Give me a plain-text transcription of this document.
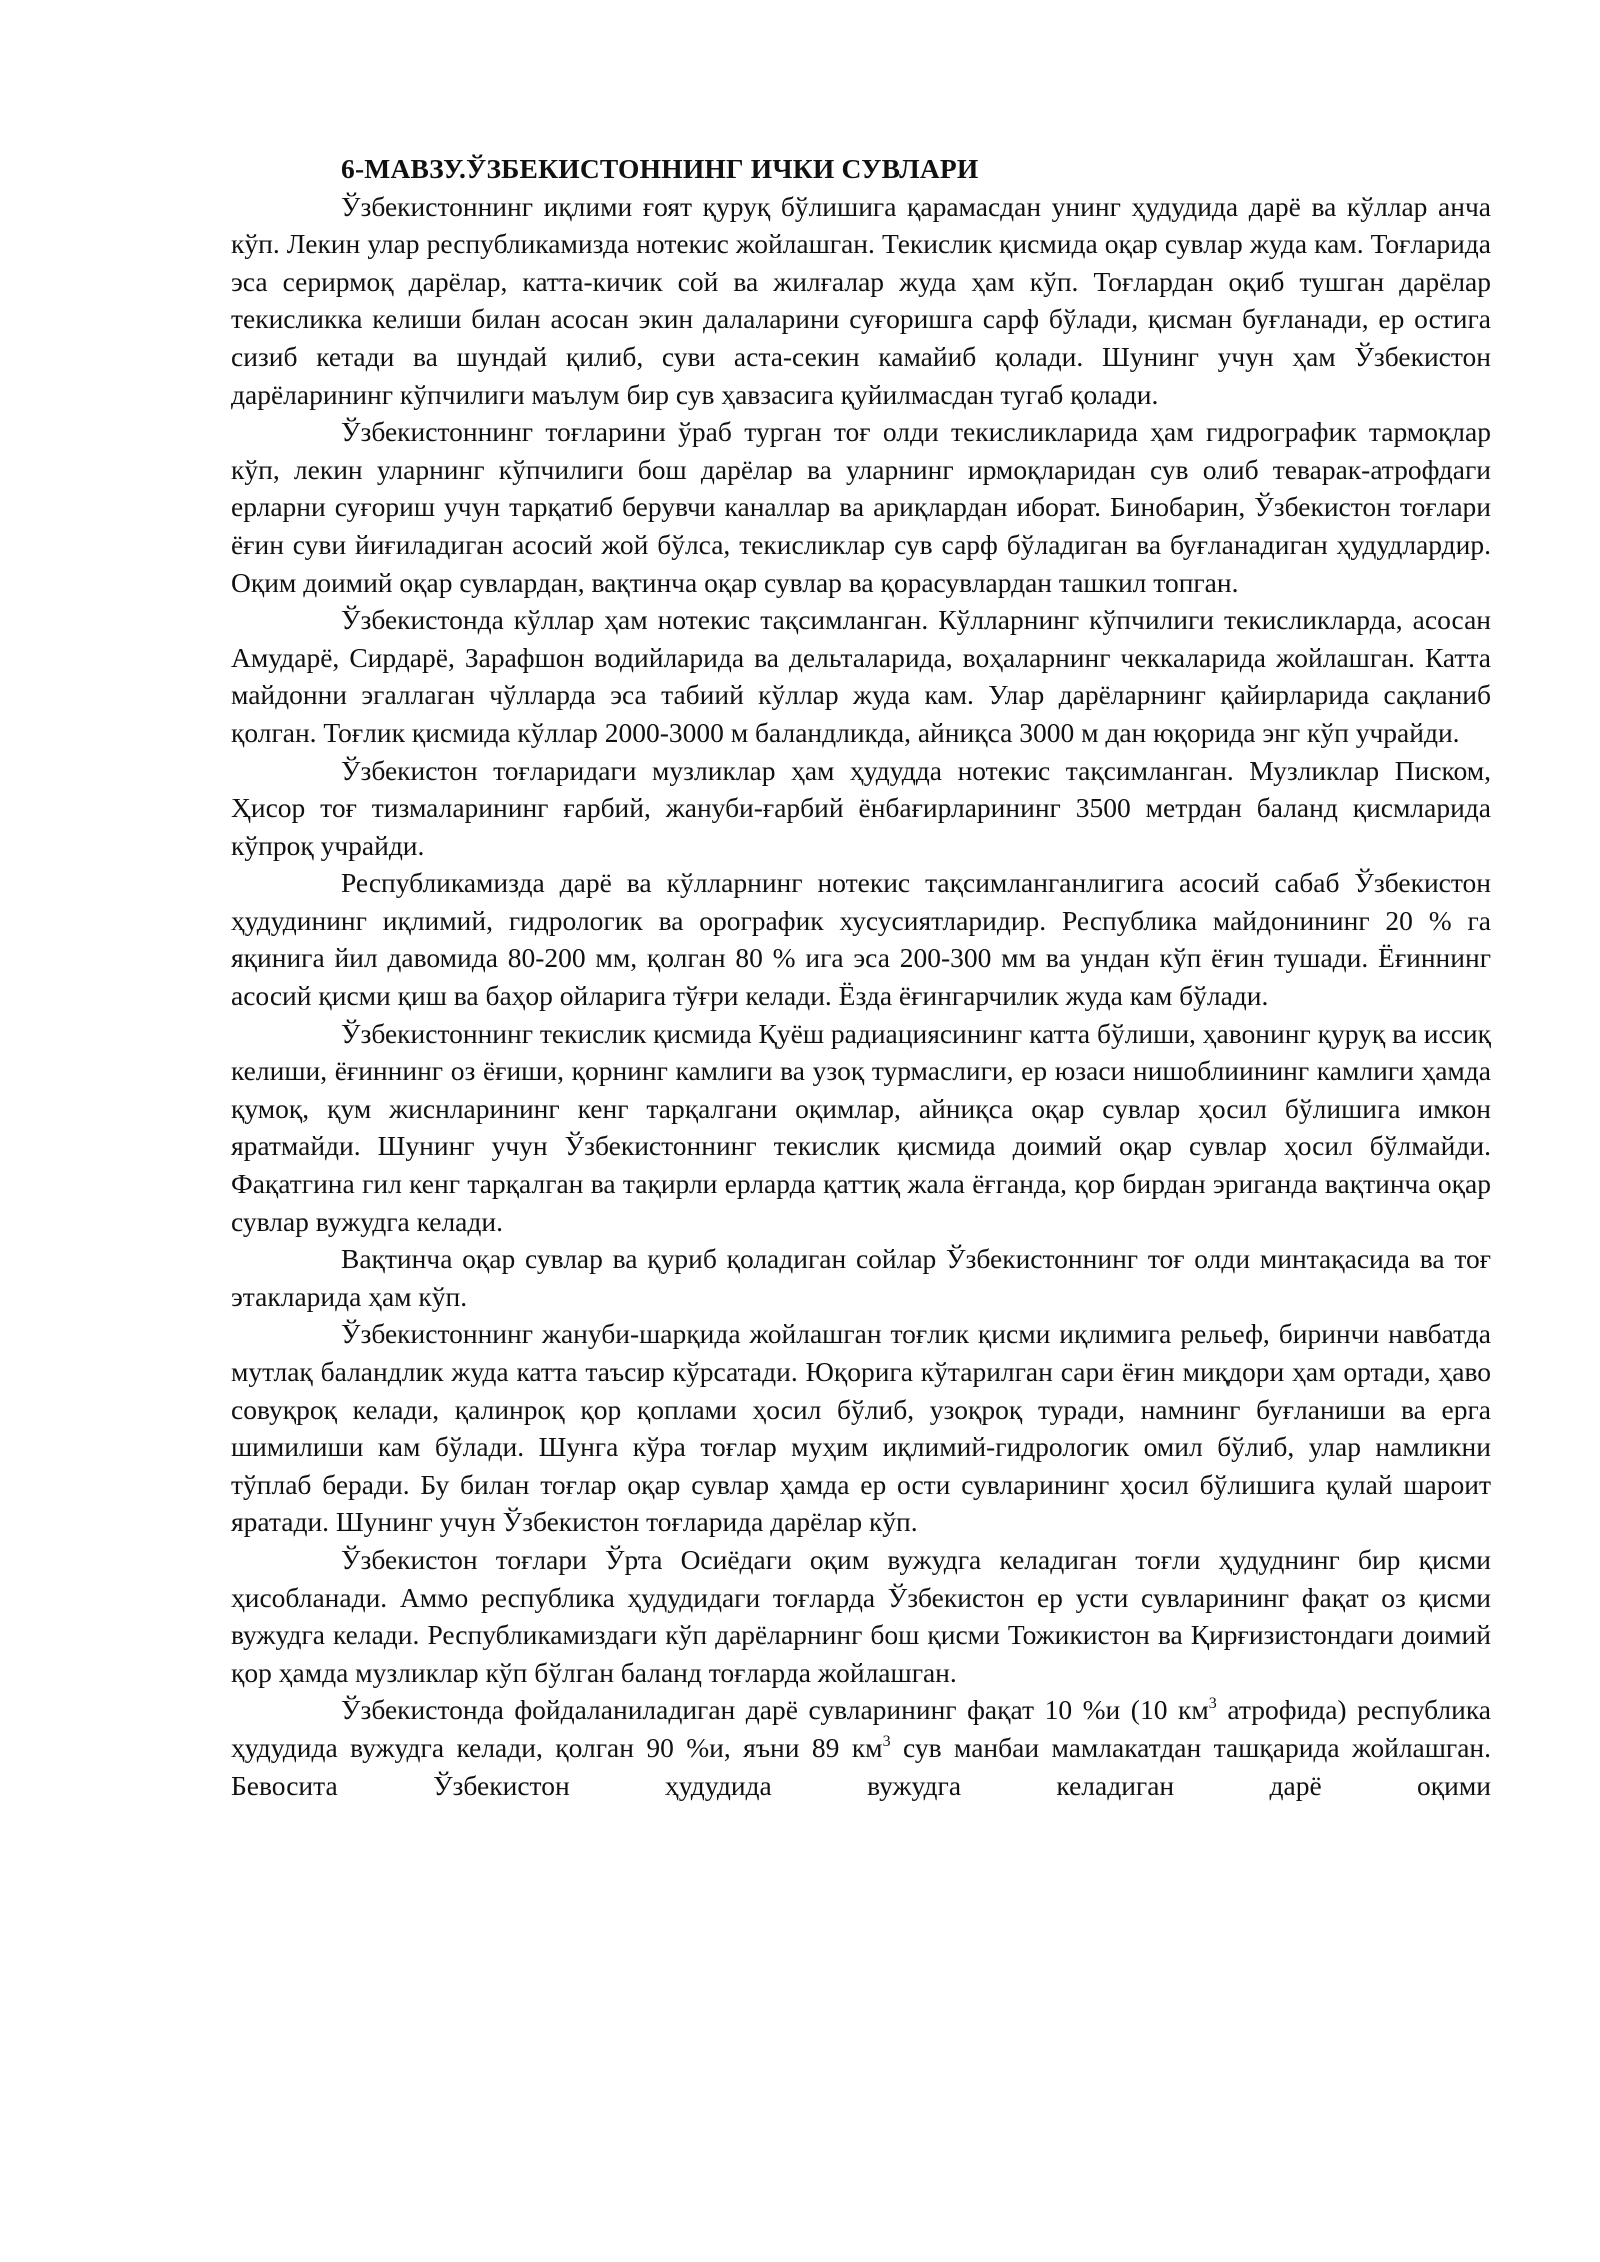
6-МАВЗУ.ЎЗБЕКИСТОННИНГ ИЧКИ СУВЛАРИ

Ўзбекистоннинг иқлими ғоят қуруқ бўлишига қарамасдан унинг ҳудудида дарё ва кўллар анча кўп. Лекин улар республикамизда нотекис жойлашган. Текислик қисмида оқар сувлар жуда кам. Тоғларида эса серирмоқ дарёлар, катта-кичик сой ва жилғалар жуда ҳам кўп. Тоғлардан оқиб тушган дарёлар текисликка келиши билан асосан экин далаларини суғоришга сарф бўлади, қисман буғланади, ер остига сизиб кетади ва шундай қилиб, суви аста-секин камайиб қолади. Шунинг учун ҳам Ўзбекистон дарёларининг кўпчилиги маълум бир сув ҳавзасига қуйилмасдан тугаб қолади.

Ўзбекистоннинг тоғларини ўраб турган тоғ олди текисликларида ҳам гидрографик тармоқлар кўп, лекин уларнинг кўпчилиги бош дарёлар ва уларнинг ирмоқларидан сув олиб теварак-атрофдаги ерларни суғориш учун тарқатиб берувчи каналлар ва ариқлардан иборат. Бинобарин, Ўзбекистон тоғлари ёғин суви йиғиладиган асосий жой бўлса, текисликлар сув сарф бўладиган ва буғланадиган ҳудудлардир. Оқим доимий оқар сувлардан, вақтинча оқар сувлар ва қорасувлардан ташкил топган.

Ўзбекистонда кўллар ҳам нотекис тақсимланган. Кўлларнинг кўпчилиги текисликларда, асосан Амударё, Сирдарё, Зарафшон водийларида ва дельталарида, воҳаларнинг чеккаларида жойлашган. Катта майдонни эгаллаган чўлларда эса табиий кўллар жуда кам. Улар дарёларнинг қайирларида сақланиб қолган. Тоғлик қисмида кўллар 2000-3000 м баландликда, айниқса 3000 м дан юқорида энг кўп учрайди.

Ўзбекистон тоғларидаги музликлар ҳам ҳудудда нотекис тақсимланган. Музликлар Писком, Ҳисор тоғ тизмаларининг ғарбий, жануби-ғарбий ёнбағирларининг 3500 метрдан баланд қисмларида кўпроқ учрайди.

Республикамизда дарё ва кўлларнинг нотекис тақсимланганлигига асосий сабаб Ўзбекистон ҳудудининг иқлимий, гидрологик ва орографик хусусиятларидир. Республика майдонининг 20 % га яқинига йил давомида 80-200 мм, қолган 80 % ига эса 200-300 мм ва ундан кўп ёғин тушади. Ёғиннинг асосий қисми қиш ва баҳор ойларига тўғри келади. Ёзда ёғингарчилик жуда кам бўлади.

Ўзбекистоннинг текислик қисмида Қуёш радиациясининг катта бўлиши, ҳавонинг қуруқ ва иссиқ келиши, ёғиннинг оз ёғиши, қорнинг камлиги ва узоқ турмаслиги, ер юзаси нишоблиининг камлиги ҳамда қумоқ, қум жиснларининг кенг тарқалгани оқимлар, айниқса оқар сувлар ҳосил бўлишига имкон яратмайди. Шунинг учун Ўзбекистоннинг текислик қисмида доимий оқар сувлар ҳосил бўлмайди. Фақатгина гил кенг тарқалган ва тақирли ерларда қаттиқ жала ёғганда, қор бирдан эриганда вақтинча оқар сувлар вужудга келади.

Вақтинча оқар сувлар ва қуриб қоладиган сойлар Ўзбекистоннинг тоғ олди минтақасида ва тоғ этакларида ҳам кўп.

Ўзбекистоннинг жануби-шарқида жойлашган тоғлик қисми иқлимига рельеф, биринчи навбатда мутлақ баландлик жуда катта таъсир кўрсатади. Юқорига кўтарилган сари ёғин миқдори ҳам ортади, ҳаво совуқроқ келади, қалинроқ қор қоплами ҳосил бўлиб, узоқроқ туради, намнинг буғланиши ва ерга шимилиши кам бўлади. Шунга кўра тоғлар муҳим иқлимий-гидрологик омил бўлиб, улар намликни тўплаб беради. Бу билан тоғлар оқар сувлар ҳамда ер ости сувларининг ҳосил бўлишига қулай шароит яратади. Шунинг учун Ўзбекистон тоғларида дарёлар кўп.

Ўзбекистон тоғлари Ўрта Осиёдаги оқим вужудга келадиган тоғли ҳудуднинг бир қисми ҳисобланади. Аммо республика ҳудудидаги тоғларда Ўзбекистон ер усти сувларининг фақат оз қисми вужудга келади. Республикамиздаги кўп дарёларнинг бош қисми Тожикистон ва Қирғизистондаги доимий қор ҳамда музликлар кўп бўлган баланд тоғларда жойлашган.

Ўзбекистонда фойдаланиладиган дарё сувларининг фақат 10 %и (10 $км^3$ атрофида) республика ҳудудида вужудга келади, қолган 90 %и, яъни 89 $км^3$ сув манбаи мамлакатдан ташқарида жойлашган. Бевосита Ўзбекистон ҳудудида вужудга келадиган дарё оқими
